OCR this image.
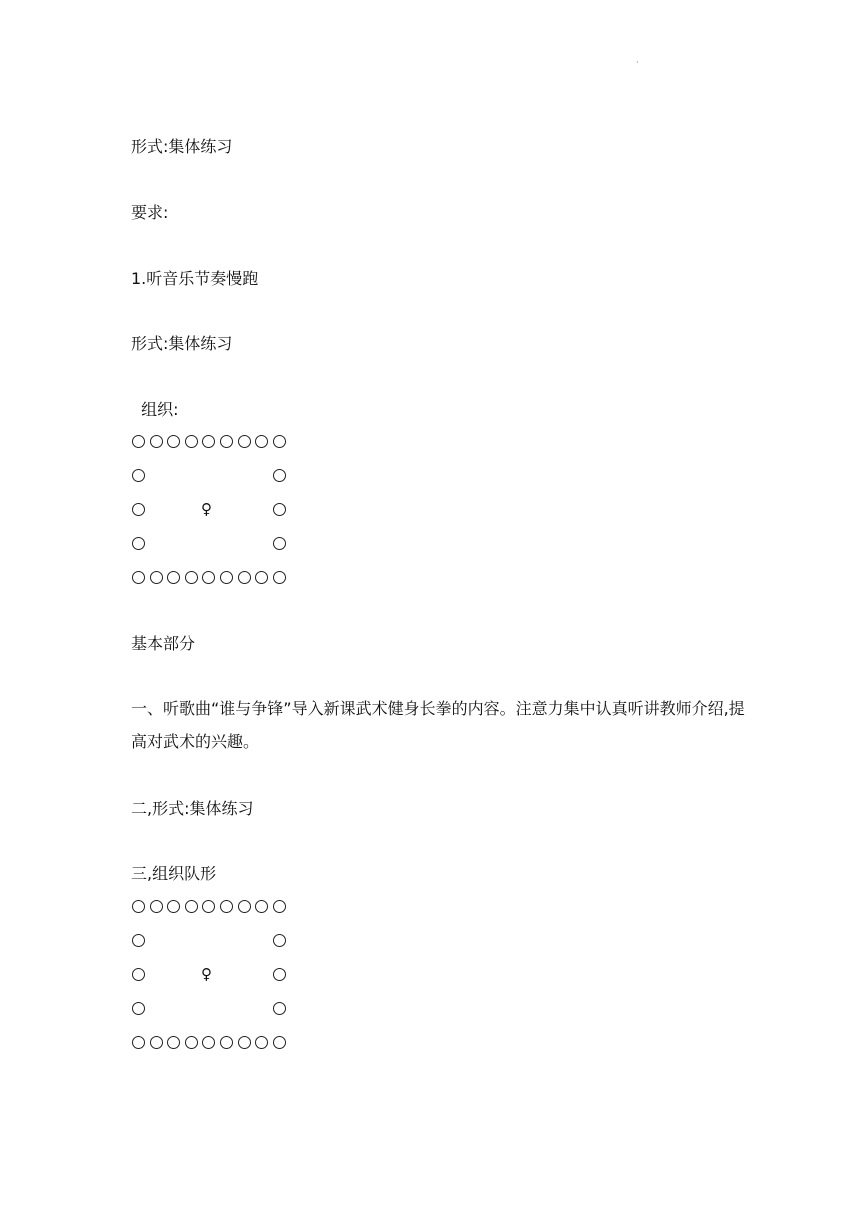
·
形式:集体练习
要求:
1.听音乐节奏慢跑
形式:集体练习
组织:
♀
基本部分
一、听歌曲“谁与争锋”导入新课武术健身长拳的内容。注意力集中认真听讲教师介绍,提高对武术的兴趣。
二,形式:集体练习
三,组织队形
♀
